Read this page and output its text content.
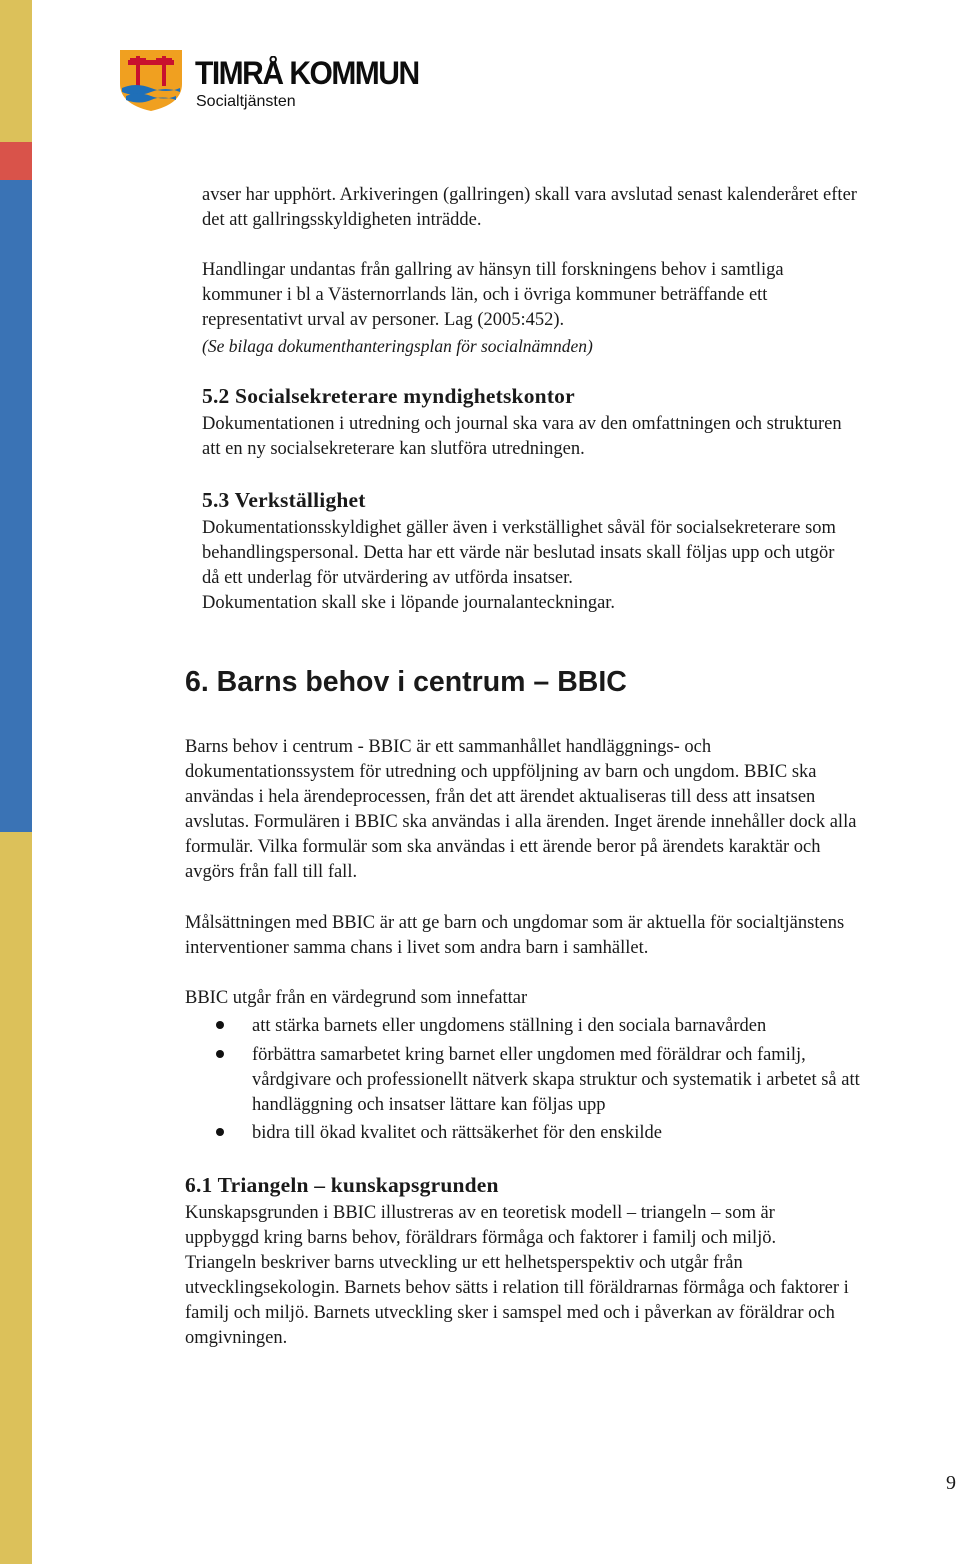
TIMRÅ KOMMUN
Socialtjänsten

avser har upphört. Arkiveringen (gallringen) skall vara avslutad senast kalenderåret efter

det att gallringsskyldigheten inträdde.

Handlingar undantas från gallring av hänsyn till forskningens behov i samtliga

kommuner i bl a Västernorrlands län, och i övriga kommuner beträffande ett

representativt urval av personer. Lag (2005:452).

(Se bilaga dokumenthanteringsplan för socialnämnden)

5.2 Socialsekreterare myndighetskontor

Dokumentationen i utredning och journal ska vara av den omfattningen och strukturen

att en ny socialsekreterare kan slutföra utredningen.

5.3 Verkställighet

Dokumentationsskyldighet gäller även i verkställighet såväl för socialsekreterare som

behandlingspersonal. Detta har ett värde när beslutad insats skall följas upp och utgör

då ett underlag för utvärdering av utförda insatser.

Dokumentation skall ske i löpande journalanteckningar.

6. Barns behov i centrum – BBIC

Barns behov i centrum - BBIC är ett sammanhållet handläggnings- och

dokumentationssystem för utredning och uppföljning av barn och ungdom. BBIC ska

användas i hela ärendeprocessen, från det att ärendet aktualiseras till dess att insatsen

avslutas. Formulären i BBIC ska användas i alla ärenden. Inget ärende innehåller dock alla

formulär. Vilka formulär som ska användas i ett ärende beror på ärendets karaktär och

avgörs från fall till fall.

Målsättningen med BBIC är att ge barn och ungdomar som är aktuella för socialtjänstens

interventioner samma chans i livet som andra barn i samhället.

BBIC utgår från en värdegrund som innefattar

att stärka barnets eller ungdomens ställning i den sociala barnavården

förbättra samarbetet kring barnet eller ungdomen med föräldrar och familj,

vårdgivare och professionellt nätverk skapa struktur och systematik i arbetet så att

handläggning och insatser lättare kan följas upp

bidra till ökad kvalitet och rättsäkerhet för den enskilde

6.1 Triangeln – kunskapsgrunden

Kunskapsgrunden i BBIC illustreras av en teoretisk modell – triangeln – som är

uppbyggd kring barns behov, föräldrars förmåga och faktorer i familj och miljö.

Triangeln beskriver barns utveckling ur ett helhetsperspektiv och utgår från

utvecklingsekologin. Barnets behov sätts i relation till föräldrarnas förmåga och faktorer i

familj och miljö. Barnets utveckling sker i samspel med och i påverkan av föräldrar och

omgivningen.

9
